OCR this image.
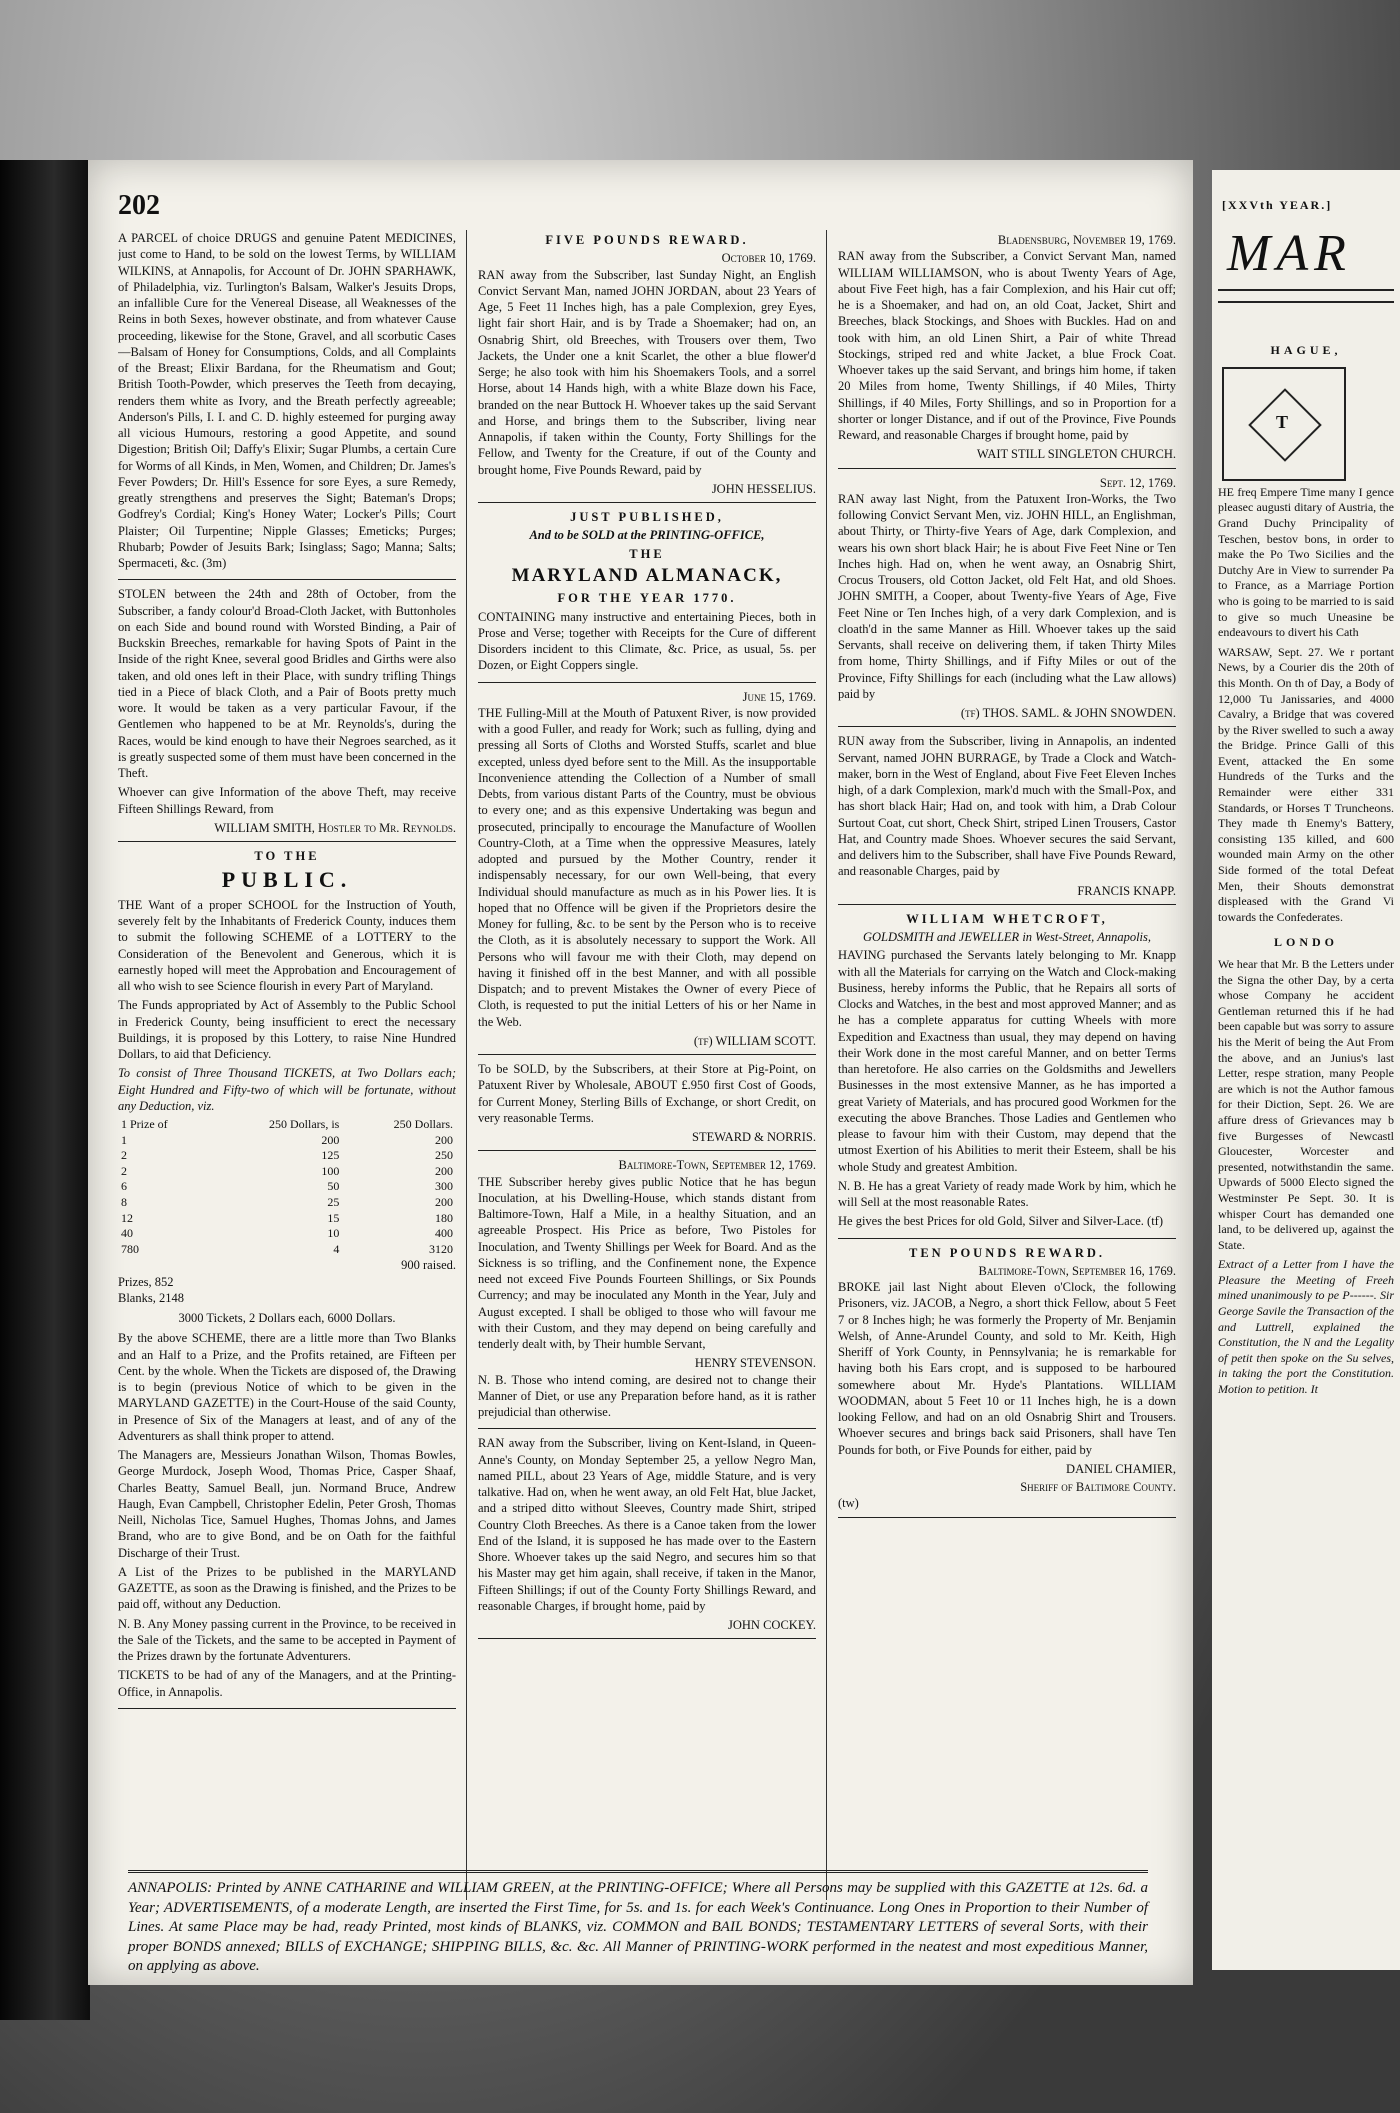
202

A PARCEL of choice DRUGS and genuine Patent MEDICINES, just come to Hand, to be sold on the lowest Terms, by WILLIAM WILKINS, at Annapolis, for Account of Dr. JOHN SPARHAWK, of Philadelphia, viz. Turlington's Balsam, Walker's Jesuits Drops, an infallible Cure for the Venereal Disease, all Weaknesses of the Reins in both Sexes, however obstinate, and from whatever Cause proceeding, likewise for the Stone, Gravel, and all scorbutic Cases—Balsam of Honey for Consumptions, Colds, and all Complaints of the Breast; Elixir Bardana, for the Rheumatism and Gout; British Tooth-Powder, which preserves the Teeth from decaying, renders them white as Ivory, and the Breath perfectly agreeable; Anderson's Pills, I. I. and C. D. highly esteemed for purging away all vicious Humours, restoring a good Appetite, and sound Digestion; British Oil; Daffy's Elixir; Sugar Plumbs, a certain Cure for Worms of all Kinds, in Men, Women, and Children; Dr. James's Fever Powders; Dr. Hill's Essence for sore Eyes, a sure Remedy, greatly strengthens and preserves the Sight; Bateman's Drops; Godfrey's Cordial; King's Honey Water; Locker's Pills; Court Plaister; Oil Turpentine; Nipple Glasses; Emeticks; Purges; Rhubarb; Powder of Jesuits Bark; Isinglass; Sago; Manna; Salts; Spermaceti, &c. (3m)

STOLEN between the 24th and 28th of October, from the Subscriber, a fandy colour'd Broad-Cloth Jacket, with Buttonholes on each Side and bound round with Worsted Binding, a Pair of Buckskin Breeches, remarkable for having Spots of Paint in the Inside of the right Knee, several good Bridles and Girths were also taken, and old ones left in their Place, with sundry trifling Things tied in a Piece of black Cloth, and a Pair of Boots pretty much wore. It would be taken as a very particular Favour, if the Gentlemen who happened to be at Mr. Reynolds's, during the Races, would be kind enough to have their Negroes searched, as it is greatly suspected some of them must have been concerned in the Theft.

Whoever can give Information of the above Theft, may receive Fifteen Shillings Reward, from

WILLIAM SMITH, Hostler to Mr. Reynolds.
TO THE
PUBLIC.

THE Want of a proper SCHOOL for the Instruction of Youth, severely felt by the Inhabitants of Frederick County, induces them to submit the following SCHEME of a LOTTERY to the Consideration of the Benevolent and Generous, which it is earnestly hoped will meet the Approbation and Encouragement of all who wish to see Science flourish in every Part of Maryland.

The Funds appropriated by Act of Assembly to the Public School in Frederick County, being insufficient to erect the necessary Buildings, it is proposed by this Lottery, to raise Nine Hundred Dollars, to aid that Deficiency.

To consist of Three Thousand TICKETS, at Two Dollars each; Eight Hundred and Fifty-two of which will be fortunate, without any Deduction, viz.

1 Prize of	250 Dollars, is	250 Dollars.
1	200	200
2	125	250
2	100	200
6	50	300
8	25	200
12	15	180
40	10	400
780	4	3120
900 raised.
Prizes, 852
Blanks, 2148
3000 Tickets, 2 Dollars each, 6000 Dollars.

By the above SCHEME, there are a little more than Two Blanks and an Half to a Prize, and the Profits retained, are Fifteen per Cent. by the whole. When the Tickets are disposed of, the Drawing is to begin (previous Notice of which to be given in the MARYLAND GAZETTE) in the Court-House of the said County, in Presence of Six of the Managers at least, and of any of the Adventurers as shall think proper to attend.

The Managers are, Messieurs Jonathan Wilson, Thomas Bowles, George Murdock, Joseph Wood, Thomas Price, Casper Shaaf, Charles Beatty, Samuel Beall, jun. Normand Bruce, Andrew Haugh, Evan Campbell, Christopher Edelin, Peter Grosh, Thomas Neill, Nicholas Tice, Samuel Hughes, Thomas Johns, and James Brand, who are to give Bond, and be on Oath for the faithful Discharge of their Trust.

A List of the Prizes to be published in the MARYLAND GAZETTE, as soon as the Drawing is finished, and the Prizes to be paid off, without any Deduction.

N. B. Any Money passing current in the Province, to be received in the Sale of the Tickets, and the same to be accepted in Payment of the Prizes drawn by the fortunate Adventurers.

TICKETS to be had of any of the Managers, and at the Printing-Office, in Annapolis.

FIVE POUNDS REWARD.
October 10, 1769.

RAN away from the Subscriber, last Sunday Night, an English Convict Servant Man, named JOHN JORDAN, about 23 Years of Age, 5 Feet 11 Inches high, has a pale Complexion, grey Eyes, light fair short Hair, and is by Trade a Shoemaker; had on, an Osnabrig Shirt, old Breeches, with Trousers over them, Two Jackets, the Under one a knit Scarlet, the other a blue flower'd Serge; he also took with him his Shoemakers Tools, and a sorrel Horse, about 14 Hands high, with a white Blaze down his Face, branded on the near Buttock H. Whoever takes up the said Servant and Horse, and brings them to the Subscriber, living near Annapolis, if taken within the County, Forty Shillings for the Fellow, and Twenty for the Creature, if out of the County and brought home, Five Pounds Reward, paid by

JOHN HESSELIUS.
JUST PUBLISHED,
And to be SOLD at the PRINTING-OFFICE,
THE
MARYLAND ALMANACK,
FOR THE YEAR 1770.

CONTAINING many instructive and entertaining Pieces, both in Prose and Verse; together with Receipts for the Cure of different Disorders incident to this Climate, &c. Price, as usual, 5s. per Dozen, or Eight Coppers single.

June 15, 1769.

THE Fulling-Mill at the Mouth of Patuxent River, is now provided with a good Fuller, and ready for Work; such as fulling, dying and pressing all Sorts of Cloths and Worsted Stuffs, scarlet and blue excepted, unless dyed before sent to the Mill. As the insupportable Inconvenience attending the Collection of a Number of small Debts, from various distant Parts of the Country, must be obvious to every one; and as this expensive Undertaking was begun and prosecuted, principally to encourage the Manufacture of Woollen Country-Cloth, at a Time when the oppressive Measures, lately adopted and pursued by the Mother Country, render it indispensably necessary, for our own Well-being, that every Individual should manufacture as much as in his Power lies. It is hoped that no Offence will be given if the Proprietors desire the Money for fulling, &c. to be sent by the Person who is to receive the Cloth, as it is absolutely necessary to support the Work. All Persons who will favour me with their Cloth, may depend on having it finished off in the best Manner, and with all possible Dispatch; and to prevent Mistakes the Owner of every Piece of Cloth, is requested to put the initial Letters of his or her Name in the Web.

(tf) WILLIAM SCOTT.

To be SOLD, by the Subscribers, at their Store at Pig-Point, on Patuxent River by Wholesale, ABOUT £.950 first Cost of Goods, for Current Money, Sterling Bills of Exchange, or short Credit, on very reasonable Terms.

STEWARD & NORRIS.
Baltimore-Town, September 12, 1769.

THE Subscriber hereby gives public Notice that he has begun Inoculation, at his Dwelling-House, which stands distant from Baltimore-Town, Half a Mile, in a healthy Situation, and an agreeable Prospect. His Price as before, Two Pistoles for Inoculation, and Twenty Shillings per Week for Board. And as the Sickness is so trifling, and the Confinement none, the Expence need not exceed Five Pounds Fourteen Shillings, or Six Pounds Currency; and may be inoculated any Month in the Year, July and August excepted. I shall be obliged to those who will favour me with their Custom, and they may depend on being carefully and tenderly dealt with, by Their humble Servant,

HENRY STEVENSON.

N. B. Those who intend coming, are desired not to change their Manner of Diet, or use any Preparation before hand, as it is rather prejudicial than otherwise.

RAN away from the Subscriber, living on Kent-Island, in Queen-Anne's County, on Monday September 25, a yellow Negro Man, named PILL, about 23 Years of Age, middle Stature, and is very talkative. Had on, when he went away, an old Felt Hat, blue Jacket, and a striped ditto without Sleeves, Country made Shirt, striped Country Cloth Breeches. As there is a Canoe taken from the lower End of the Island, it is supposed he has made over to the Eastern Shore. Whoever takes up the said Negro, and secures him so that his Master may get him again, shall receive, if taken in the Manor, Fifteen Shillings; if out of the County Forty Shillings Reward, and reasonable Charges, if brought home, paid by

JOHN COCKEY.
Bladensburg, November 19, 1769.

RAN away from the Subscriber, a Convict Servant Man, named WILLIAM WILLIAMSON, who is about Twenty Years of Age, about Five Feet high, has a fair Complexion, and his Hair cut off; he is a Shoemaker, and had on, an old Coat, Jacket, Shirt and Breeches, black Stockings, and Shoes with Buckles. Had on and took with him, an old Linen Shirt, a Pair of white Thread Stockings, striped red and white Jacket, a blue Frock Coat. Whoever takes up the said Servant, and brings him home, if taken 20 Miles from home, Twenty Shillings, if 40 Miles, Thirty Shillings, if 40 Miles, Forty Shillings, and so in Proportion for a shorter or longer Distance, and if out of the Province, Five Pounds Reward, and reasonable Charges if brought home, paid by

WAIT STILL SINGLETON CHURCH.
Sept. 12, 1769.

RAN away last Night, from the Patuxent Iron-Works, the Two following Convict Servant Men, viz. JOHN HILL, an Englishman, about Thirty, or Thirty-five Years of Age, dark Complexion, and wears his own short black Hair; he is about Five Feet Nine or Ten Inches high. Had on, when he went away, an Osnabrig Shirt, Crocus Trousers, old Cotton Jacket, old Felt Hat, and old Shoes. JOHN SMITH, a Cooper, about Twenty-five Years of Age, Five Feet Nine or Ten Inches high, of a very dark Complexion, and is cloath'd in the same Manner as Hill. Whoever takes up the said Servants, shall receive on delivering them, if taken Thirty Miles from home, Thirty Shillings, and if Fifty Miles or out of the Province, Fifty Shillings for each (including what the Law allows) paid by

(tf) THOS. SAML. & JOHN SNOWDEN.

RUN away from the Subscriber, living in Annapolis, an indented Servant, named JOHN BURRAGE, by Trade a Clock and Watch-maker, born in the West of England, about Five Feet Eleven Inches high, of a dark Complexion, mark'd much with the Small-Pox, and has short black Hair; Had on, and took with him, a Drab Colour Surtout Coat, cut short, Check Shirt, striped Linen Trousers, Castor Hat, and Country made Shoes. Whoever secures the said Servant, and delivers him to the Subscriber, shall have Five Pounds Reward, and reasonable Charges, paid by

FRANCIS KNAPP.
WILLIAM WHETCROFT,
GOLDSMITH and JEWELLER in West-Street, Annapolis,

HAVING purchased the Servants lately belonging to Mr. Knapp with all the Materials for carrying on the Watch and Clock-making Business, hereby informs the Public, that he Repairs all sorts of Clocks and Watches, in the best and most approved Manner; and as he has a complete apparatus for cutting Wheels with more Expedition and Exactness than usual, they may depend on having their Work done in the most careful Manner, and on better Terms than heretofore. He also carries on the Goldsmiths and Jewellers Businesses in the most extensive Manner, as he has imported a great Variety of Materials, and has procured good Workmen for the executing the above Branches. Those Ladies and Gentlemen who please to favour him with their Custom, may depend that the utmost Exertion of his Abilities to merit their Esteem, shall be his whole Study and greatest Ambition.

N. B. He has a great Variety of ready made Work by him, which he will Sell at the most reasonable Rates.

He gives the best Prices for old Gold, Silver and Silver-Lace. (tf)

TEN POUNDS REWARD.
Baltimore-Town, September 16, 1769.

BROKE jail last Night about Eleven o'Clock, the following Prisoners, viz. JACOB, a Negro, a short thick Fellow, about 5 Feet 7 or 8 Inches high; he was formerly the Property of Mr. Benjamin Welsh, of Anne-Arundel County, and sold to Mr. Keith, High Sheriff of York County, in Pennsylvania; he is remarkable for having both his Ears cropt, and is supposed to be harboured somewhere about Mr. Hyde's Plantations. WILLIAM WOODMAN, about 5 Feet 10 or 11 Inches high, he is a down looking Fellow, and had on an old Osnabrig Shirt and Trousers. Whoever secures and brings back said Prisoners, shall have Ten Pounds for both, or Five Pounds for either, paid by

DANIEL CHAMIER,
Sheriff of Baltimore County.
(tw)
ANNAPOLIS: Printed by ANNE CATHARINE and WILLIAM GREEN, at the PRINTING-OFFICE; Where all Persons may be supplied with this GAZETTE at 12s. 6d. a Year; ADVERTISEMENTS, of a moderate Length, are inserted the First Time, for 5s. and 1s. for each Week's Continuance. Long Ones in Proportion to their Number of Lines. At same Place may be had, ready Printed, most kinds of BLANKS, viz. COMMON and BAIL BONDS; TESTAMENTARY LETTERS of several Sorts, with their proper BONDS annexed; BILLS of EXCHANGE; SHIPPING BILLS, &c. &c. All Manner of PRINTING-WORK performed in the neatest and most expeditious Manner, on applying as above.
[XXVth YEAR.]
MAR
HAGUE,
T
HE freq Empere Time many I gence pleasec augusti ditary of Austria, the Grand Duchy Principality of Teschen, bestov bons, in order to make the Po Two Sicilies and the Dutchy Are in View to surrender Pa to France, as a Marriage Portion who is going to be married to is said to give so much Uneasine be endeavours to divert his Cath
WARSAW, Sept. 27. We r portant News, by a Courier dis the 20th of this Month. On th of Day, a Body of 12,000 Tu Janissaries, and 4000 Cavalry, a Bridge that was covered by the River swelled to such a away the Bridge. Prince Galli of this Event, attacked the En some Hundreds of the Turks and the Remainder were either 331 Standards, or Horses T Truncheons. They made th Enemy's Battery, consisting 135 killed, and 600 wounded main Army on the other Side formed of the total Defeat Men, their Shouts demonstrat displeased with the Grand Vi towards the Confederates.
LONDO
We hear that Mr. B the Letters under the Signa the other Day, by a certa whose Company he accident Gentleman returned this if he had been capable but was sorry to assure his the Merit of being the Aut From the above, and an Junius's last Letter, respe stration, many People are which is not the Author famous for their Diction, Sept. 26. We are affure dress of Grievances may b five Burgesses of Newcastl Gloucester, Worcester and presented, notwithstandin the same. Upwards of 5000 Electo signed the Westminster Pe Sept. 30. It is whisper Court has demanded one land, to be delivered up, against the State.
Extract of a Letter from I have the Pleasure the Meeting of Freeh mined unanimously to pe P------. Sir George Savile the Transaction of the and Luttrell, explained the Constitution, the N and the Legality of petit then spoke on the Su selves, in taking the port the Constitution. Motion to petition. It
